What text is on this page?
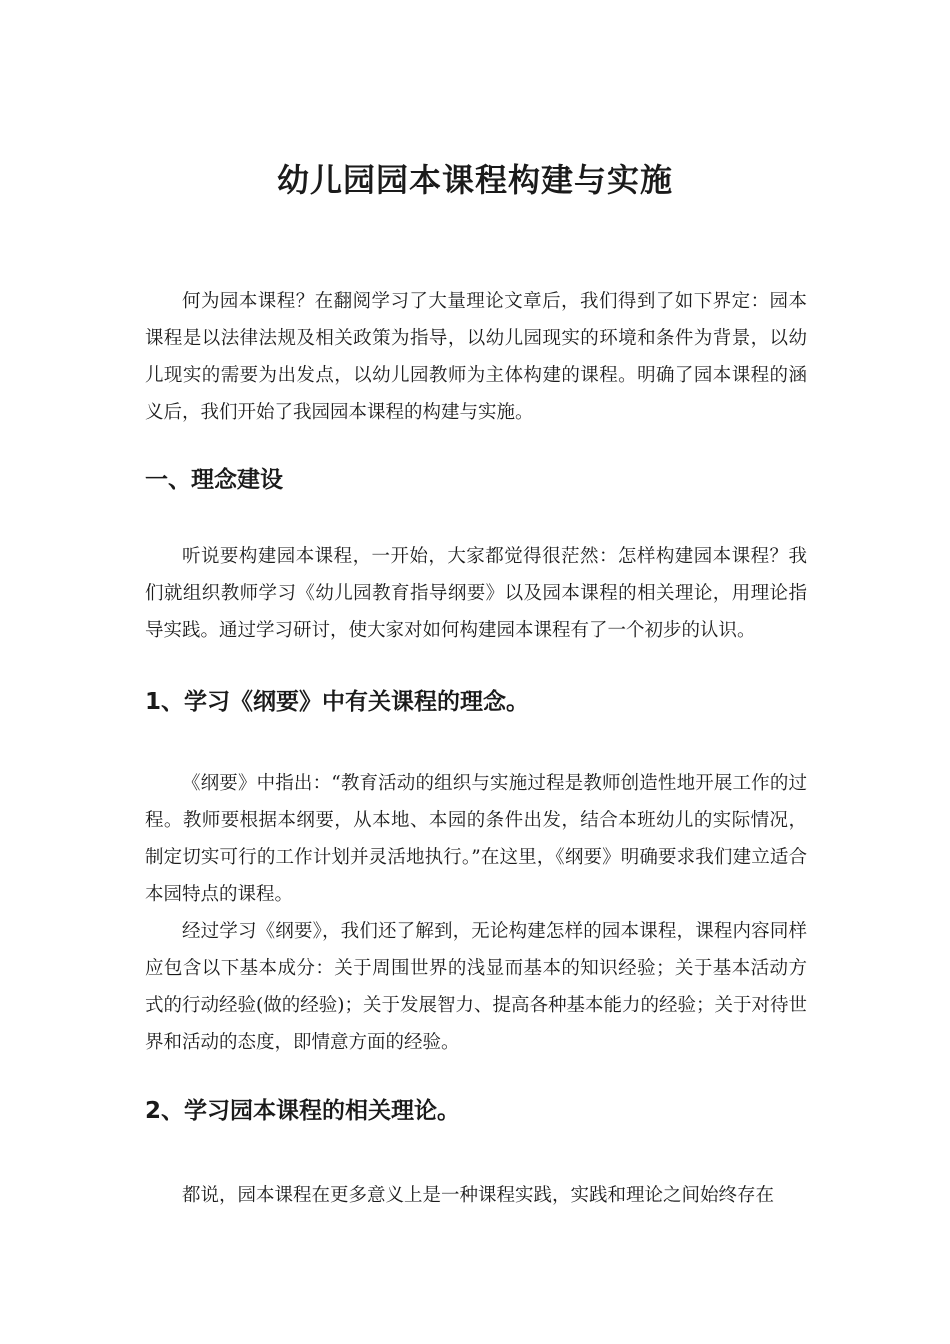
幼儿园园本课程构建与实施

何为园本课程？在翻阅学习了大量理论文章后，我们得到了如下界定：园本课程是以法律法规及相关政策为指导，以幼儿园现实的环境和条件为背景，以幼儿现实的需要为出发点，以幼儿园教师为主体构建的课程。明确了园本课程的涵义后，我们开始了我园园本课程的构建与实施。

一、理念建设

听说要构建园本课程，一开始，大家都觉得很茫然：怎样构建园本课程？我们就组织教师学习《幼儿园教育指导纲要》以及园本课程的相关理论，用理论指导实践。通过学习研讨，使大家对如何构建园本课程有了一个初步的认识。

1、学习《纲要》中有关课程的理念。

《纲要》中指出：“教育活动的组织与实施过程是教师创造性地开展工作的过程。教师要根据本纲要，从本地、本园的条件出发，结合本班幼儿的实际情况，制定切实可行的工作计划并灵活地执行。”在这里，《纲要》明确要求我们建立适合本园特点的课程。

经过学习《纲要》，我们还了解到，无论构建怎样的园本课程，课程内容同样应包含以下基本成分：关于周围世界的浅显而基本的知识经验；关于基本活动方式的行动经验(做的经验)；关于发展智力、提高各种基本能力的经验；关于对待世界和活动的态度，即情意方面的经验。

2、学习园本课程的相关理论。

都说，园本课程在更多意义上是一种课程实践，实践和理论之间始终存在
